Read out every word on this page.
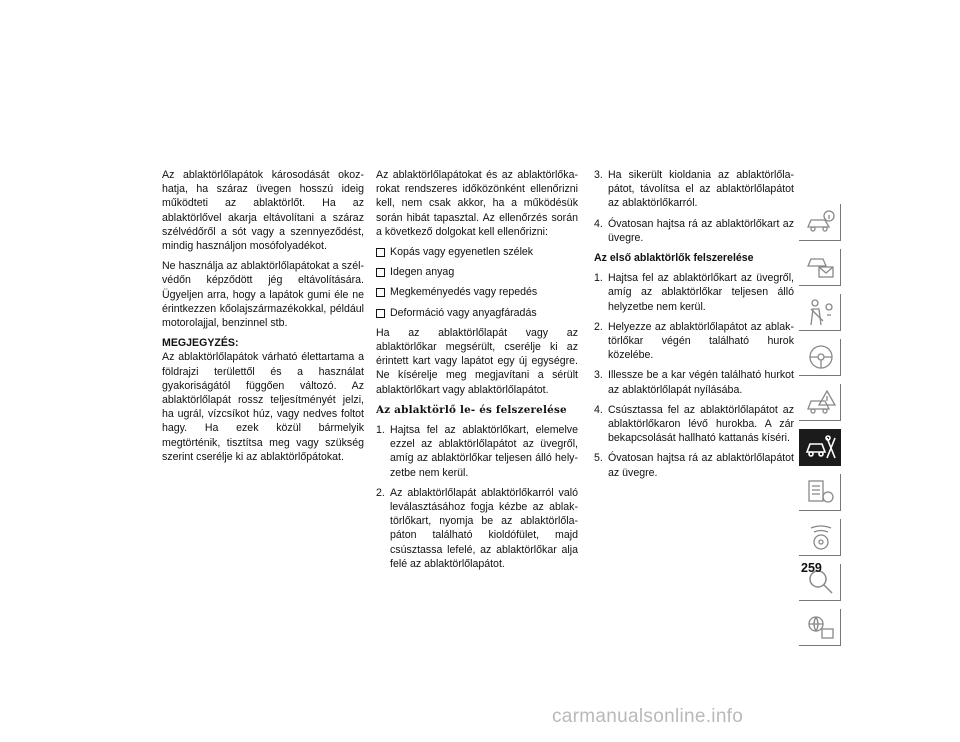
Az ablaktörlőlapátok károsodását okozhatja, ha száraz üvegen hosszú ideig működteti az ablaktörlőt. Ha az ablaktörlővel akarja eltávolítani a száraz szélvédőről a sót vagy a szennyeződést, mindig használjon mosófolyadékot.

Ne használja az ablaktörlőlapátokat a szélvédőn képződött jég eltávolítására. Ügyeljen arra, hogy a lapátok gumi éle ne érintkezzen kőolajszármazékokkal, például motorolajjal, benzinnel stb.

MEGJEGYZÉS:

Az ablaktörlőlapátok várható élettartama a földrajzi területtől és a használat gyakoriságától függően változó. Az ablaktörlőlapát rossz teljesítményét jelzi, ha ugrál, vízcsíkot húz, vagy nedves foltot hagy. Ha ezek közül bármelyik megtörténik, tisztítsa meg vagy szükség szerint cserélje ki az ablaktörlőpátokat.

Az ablaktörlőlapátokat és az ablaktörlőkarokat rendszeres időközönként ellenőrizni kell, nem csak akkor, ha a működésük során hibát tapasztal. Az ellenőrzés során a következő dolgokat kell ellenőrizni:

Kopás vagy egyenetlen szélek
Idegen anyag
Megkeményedés vagy repedés
Deformáció vagy anyagfáradás

Ha az ablaktörlőlapát vagy az ablaktörlőkar megsérült, cserélje ki az érintett kart vagy lapátot egy új egységre. Ne kísérelje meg megjavítani a sérült ablaktörlőkart vagy ablaktörlőlapátot.

Az ablaktörlő le- és felszerelése
1. Hajtsa fel az ablaktörlőkart, elemelve ezzel az ablaktörlőlapátot az üvegről, amíg az ablaktörlőkar teljesen álló helyzetbe nem kerül.
2. Az ablaktörlőlapát ablaktörlőkarról való leválasztásához fogja kézbe az ablaktörlőkart, nyomja be az ablaktörlőlapáton található kioldófület, majd csúsztassa lefelé, az ablaktörlőkar alja felé az ablaktörlőlapátot.
3. Ha sikerült kioldania az ablaktörlőlapátot, távolítsa el az ablaktörlőlapátot az ablaktörlőkarról.
4. Óvatosan hajtsa rá az ablaktörlőkart az üvegre.
Az első ablaktörlők felszerelése
1. Hajtsa fel az ablaktörlőkart az üvegről, amíg az ablaktörlőkar teljesen álló helyzetbe nem kerül.
2. Helyezze az ablaktörlőlapátot az ablaktörlőkar végén található hurok közelébe.
3. Illessze be a kar végén található hurkot az ablaktörlőlapát nyílásába.
4. Csúsztassa fel az ablaktörlőlapátot az ablaktörlőkaron lévő hurokba. A zár bekapcsolását hallható kattanás kíséri.
5. Óvatosan hajtsa rá az ablaktörlőlapátot az üvegre.
259
carmanualsonline.info
